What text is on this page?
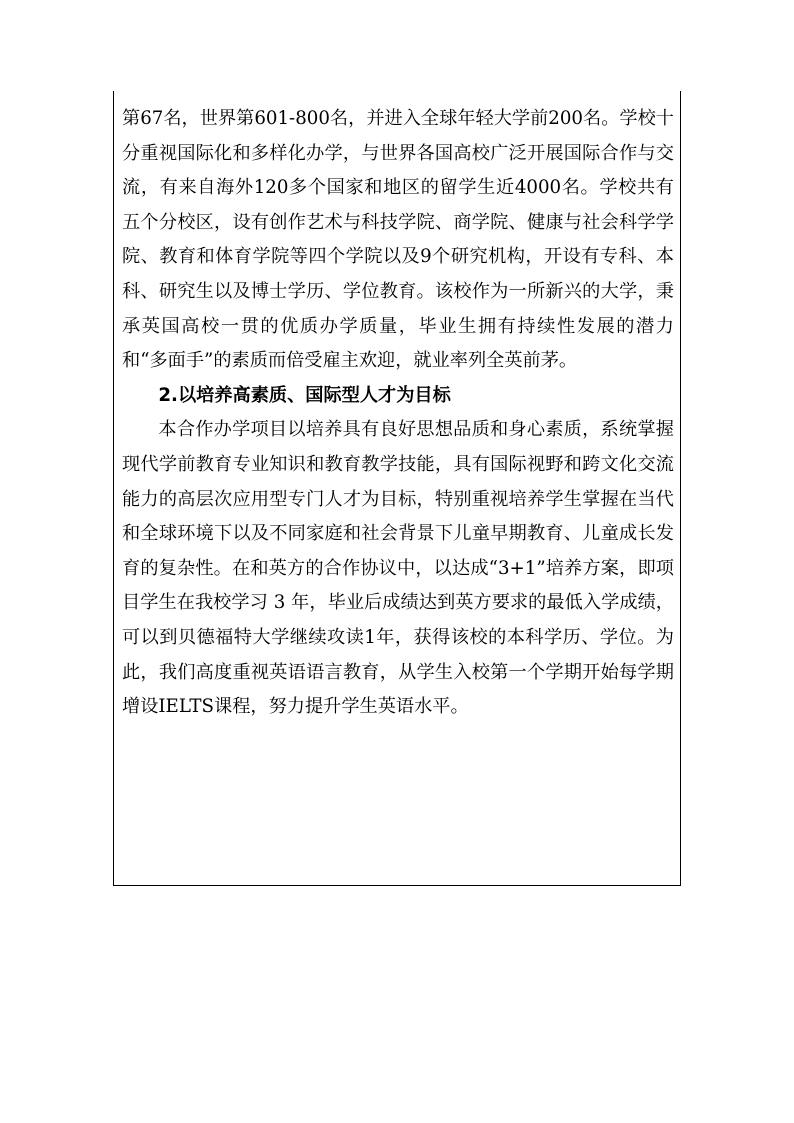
第67名，世界第601-800名，并进入全球年轻大学前200名。学校十分重视国际化和多样化办学，与世界各国高校广泛开展国际合作与交流，有来自海外120多个国家和地区的留学生近4000名。学校共有五个分校区，设有创作艺术与科技学院、商学院、健康与社会科学学院、教育和体育学院等四个学院以及9个研究机构，开设有专科、本科、研究生以及博士学历、学位教育。该校作为一所新兴的大学，秉承英国高校一贯的优质办学质量，毕业生拥有持续性发展的潜力和“多面手”的素质而倍受雇主欢迎，就业率列全英前茅。

2.以培养高素质、国际型人才为目标

本合作办学项目以培养具有良好思想品质和身心素质，系统掌握现代学前教育专业知识和教育教学技能，具有国际视野和跨文化交流能力的高层次应用型专门人才为目标，特别重视培养学生掌握在当代和全球环境下以及不同家庭和社会背景下儿童早期教育、儿童成长发育的复杂性。在和英方的合作协议中，以达成“3+1”培养方案，即项目学生在我校学习 3 年，毕业后成绩达到英方要求的最低入学成绩，可以到贝德福特大学继续攻读1年，获得该校的本科学历、学位。为此，我们高度重视英语语言教育，从学生入校第一个学期开始每学期增设IELTS课程，努力提升学生英语水平。
